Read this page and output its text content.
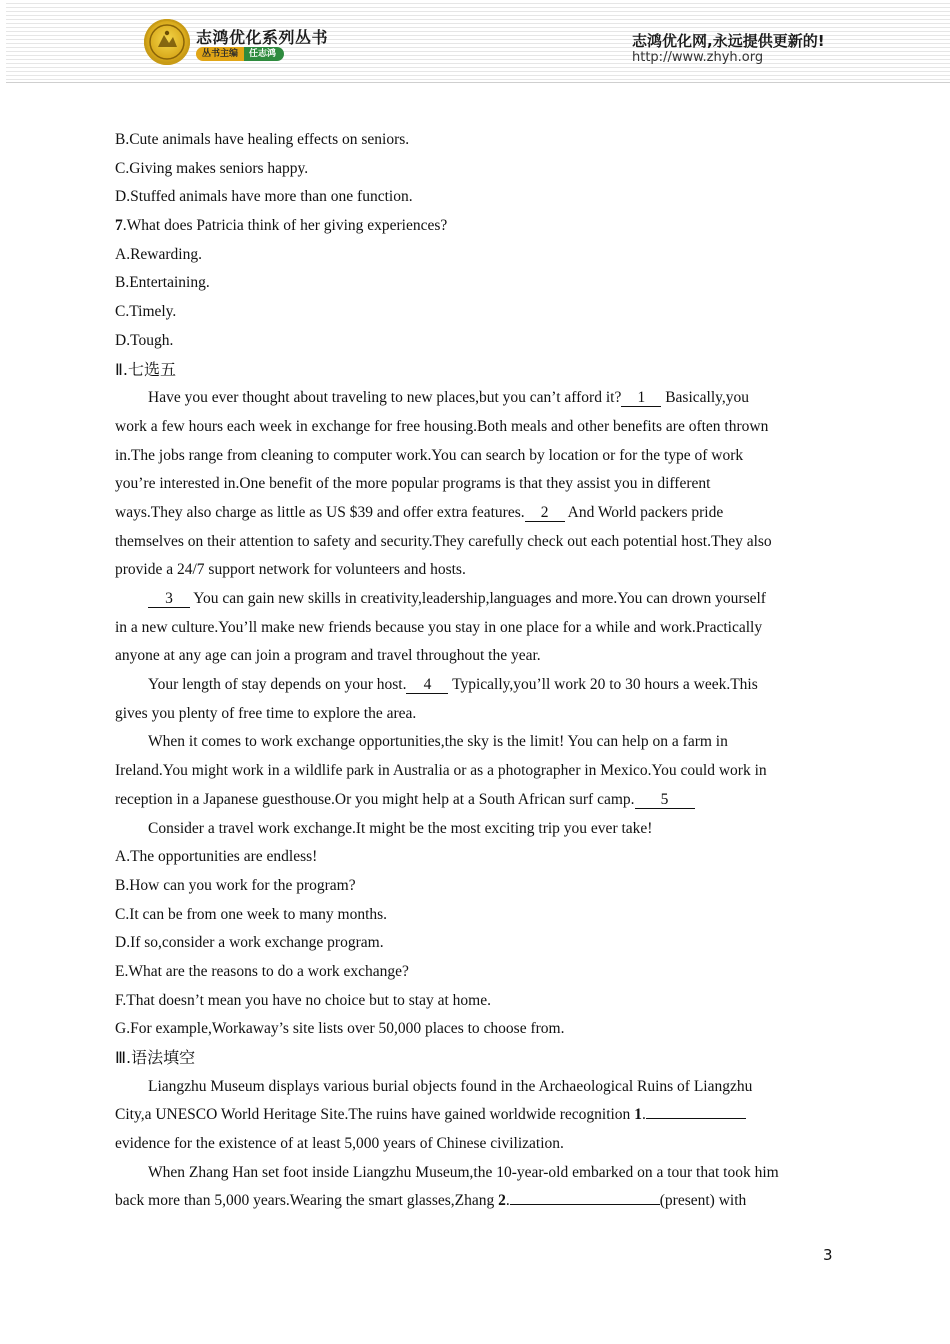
志鸿优化系列丛书
丛书主编	任志鸿
志鸿优化网,永远提供更新的!
http://www.zhyh.org
B.Cute animals have healing effects on seniors.
C.Giving makes seniors happy.
D.Stuffed animals have more than one function.
7.What does Patricia think of her giving experiences?
A.Rewarding.
B.Entertaining.
C.Timely.
D.Tough.
Ⅱ.七选五
Have you ever thought about traveling to new places,but you can’t afford it? 1 Basically,you
work a few hours each week in exchange for free housing.Both meals and other benefits are often thrown
in.The jobs range from cleaning to computer work.You can search by location or for the type of work
you’re interested in.One benefit of the more popular programs is that they assist you in different
ways.They also charge as little as US $39 and offer extra features. 2 And World packers pride
themselves on their attention to safety and security.They carefully check out each potential host.They also
provide a 24/7 support network for volunteers and hosts.
3 You can gain new skills in creativity,leadership,languages and more.You can drown yourself
in a new culture.You’ll make new friends because you stay in one place for a while and work.Practically
anyone at any age can join a program and travel throughout the year.
Your length of stay depends on your host. 4 Typically,you’ll work 20 to 30 hours a week.This
gives you plenty of free time to explore the area.
When it comes to work exchange opportunities,the sky is the limit! You can help on a farm in
Ireland.You might work in a wildlife park in Australia or as a photographer in Mexico.You could work in
reception in a Japanese guesthouse.Or you might help at a South African surf camp. 5
Consider a travel work exchange.It might be the most exciting trip you ever take!
A.The opportunities are endless!
B.How can you work for the program?
C.It can be from one week to many months.
D.If so,consider a work exchange program.
E.What are the reasons to do a work exchange?
F.That doesn’t mean you have no choice but to stay at home.
G.For example,Workaway’s site lists over 50,000 places to choose from.
Ⅲ.语法填空
Liangzhu Museum displays various burial objects found in the Archaeological Ruins of Liangzhu
City,a UNESCO World Heritage Site.The ruins have gained worldwide recognition 1.
evidence for the existence of at least 5,000 years of Chinese civilization.
When Zhang Han set foot inside Liangzhu Museum,the 10-year-old embarked on a tour that took him
back more than 5,000 years.Wearing the smart glasses,Zhang 2.	(present) with
3
